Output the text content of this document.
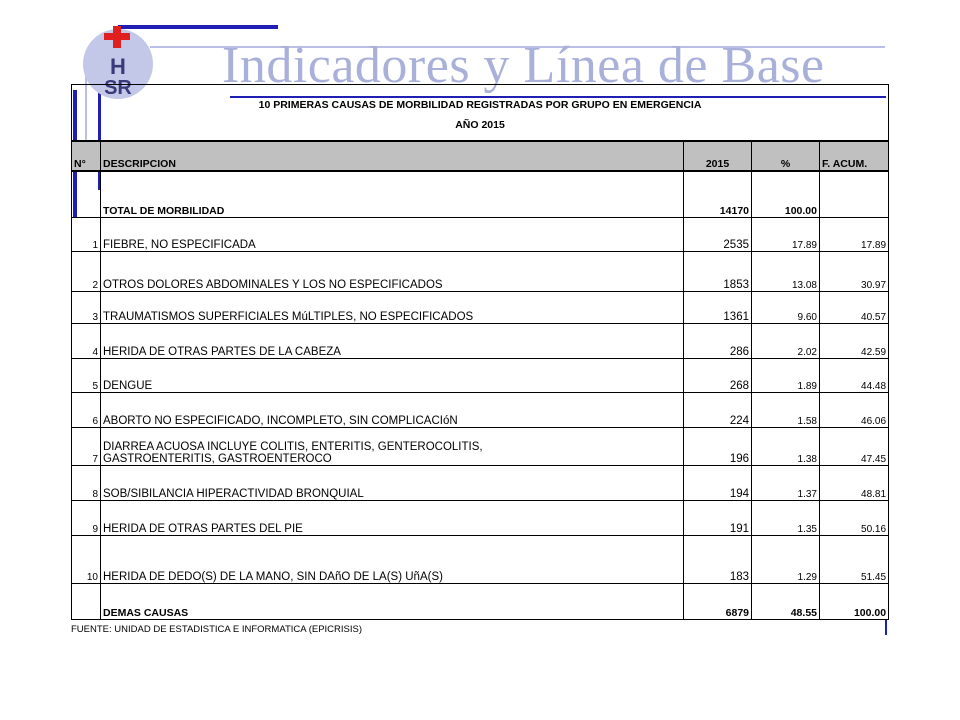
H
SR Indicadores y Línea de Base
10 PRIMERAS CAUSAS DE MORBILIDAD REGISTRADAS POR GRUPO EN EMERGENCIA
AÑO 2015				

N°	DESCRIPCION	2015	%	F. ACUM.
	TOTAL DE MORBILIDAD	14170	100.00	
1	FIEBRE, NO ESPECIFICADA	2535	17.89	17.89
2	OTROS DOLORES ABDOMINALES Y LOS NO ESPECIFICADOS	1853	13.08	30.97
3	TRAUMATISMOS SUPERFICIALES MúLTIPLES, NO ESPECIFICADOS	1361	9.60	40.57
4	HERIDA DE OTRAS PARTES DE LA CABEZA	286	2.02	42.59
5	DENGUE	268	1.89	44.48
6	ABORTO NO ESPECIFICADO, INCOMPLETO, SIN COMPLICACIóN	224	1.58	46.06
7	DIARREA ACUOSA INCLUYE COLITIS, ENTERITIS, GENTEROCOLITIS,
GASTROENTERITIS, GASTROENTEROCO	196	1.38	47.45
8	SOB/SIBILANCIA HIPERACTIVIDAD BRONQUIAL	194	1.37	48.81
9	HERIDA DE OTRAS PARTES DEL PIE	191	1.35	50.16
10	HERIDA DE DEDO(S) DE LA MANO, SIN DAñO DE LA(S) UñA(S)	183	1.29	51.45
	DEMAS CAUSAS	6879	48.55	100.00
FUENTE: UNIDAD DE ESTADISTICA E INFORMATICA (EPICRISIS)
